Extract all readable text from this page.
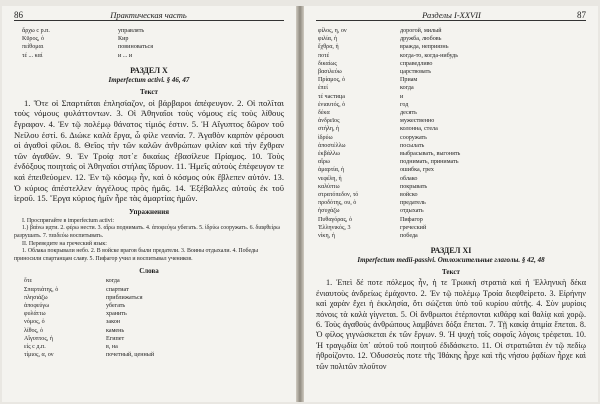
86	Практическая часть
ἄρχω с р.п.	управлять
Κῦρος, ὁ	Кир
πείθομαι	повиноваться
τέ ... καί	и ... и
РАЗДЕЛ X
Imperfectum activi. § 46, 47
Текст
1. Ὅτε οἱ Σπαρτιᾶται ἐπλησίαζον, οἱ βάρβαροι ἀπέφευγον. 2. Οἱ πολῖται τοὺς νόμους φυλάττοντων. 3. Οἱ Ἀθηναῖοι τοὺς νόμους εἰς τοὺς λίθους ἔγραφον. 4. Ἐν τῷ πολέμῳ θάνατος τίμιός ἐστιν. 5. Ἡ Αἴγυπτος δῶρον τοῦ Νείλου ἐστί. 6. Διώκε καλὰ ἔργα, ὦ φίλε νεανία. 7. Ἀγαθὸν καρπὸν φέρουσι οἱ ἀγαθοὶ φίλοι. 8. Θεῖος τὴν τῶν καλῶν ἀνθρώπων φιλίαν καὶ τὴν ἔχθραν τῶν ἀγαθῶν. 9. Ἐν Τροίᾳ ποτ᾽ε δικαίως ἐβασίλευε Πρίαμος. 10. Τοὺς ἐνδόξους ποιηταὶς οἱ Ἀθηναῖοι στήλας ἵδρυον. 11. Ἡμεῖς αὐτοὺς ἐπέφευγον τε καὶ ἐπειθεύομεν. 12. Ἐν τῷ κόσμῳ ἦν, καὶ ὁ κόσμος οὐκ ἔβλεπεν αὐτόν. 13. Ὁ κύριος ἀπέστελλεν ἀγγέλους πρὸς ἡμᾶς. 14. Ἐξέβαλλες αὐτοὺς ἐκ τοῦ ἱεροῦ. 15. Ἔργα κύριος ἡμῖν ἦρε τὰς ἁμαρτίας ἡμῶν.
Упражнения

I. Проспрягайте в imperfectum activi:

1.) βαίνω идти. 2. φέρω нести. 3. αἴρω поднимать. 4. ἀποφεύγω убегать. 5. ἱδρύω сооружать. 6. διαφθείρω разрушать. 7. παιδεύω воспитывать.

II. Переведите на греческий язык:

1. Облака покрывали небо. 2. В войске врагов были предатели. 3. Воины отдыхали. 4. Победы приносили спартанцам славу. 5. Пифагор учил и воспитывал учеников.

Слова
ὅτε	когда
Σπαρτιάτης, ὁ	спартиат
πλησιάζω	приближаться
ἀποφεύγω	убегать
φυλάττω	хранить
νόμος, ὁ	закон
λίθος, ὁ	камень
Αἴγυπτος, ἡ	Египет
εἰς с д.п.	в, на
τίμιος, α, ον	почетный, ценный
Разделы I-XXVII	87
φίλος, η, ον	дорогой, милый
φιλία, ἡ	дружба, любовь
ἔχθρα, ἡ	вражда, неприязнь
ποτέ	когда-то, когда-нибудь
δικαίως	справедливо
βασιλεύω	царствовать
Πρίαμος, ὁ	Приам
ἐπεί	когда
τέ частица	и
ἐνιαυτός, ὁ	год
δέκα	десять
ἀνδρεῖος	мужественно
στήλη, ἡ	колонна, стела
ἱδρύω	сооружать
ἀποστέλλω	посылать
ἐκβάλλω	выбрасывать, выгонять
αἴρω	поднимать, принимать
ἁμαρτία, ἡ	ошибка, грех
νεφέλη, ἡ	облако
καλύπτω	покрывать
στρατόπεδον, τό	войско
προδότης, ου, ὁ	предатель
ἡσυχάζω	отдыхать
Πυθαγόρας, ὁ	Пифагор
Ἑλληνικός, 3	греческий
νίκη, ἡ	победа
РАЗДЕЛ XI
Imperfectum medii-passivi. Отложительные глаголы. § 42, 48
Текст
1. Ἐπεὶ δέ ποτε πόλεμος ἦν, ἡ τε Τρωικὴ στρατιὰ καὶ ἡ Ἑλληνικὴ δέκα ἐνιαυτοὺς ἀνδρείως ἐμάχοντο. 2. Ἐν τῷ πολέμῳ Τροία διεφθείρετο. 3. Εἰρήνην καὶ χαρὰν ἔχει ἡ ἐκκλησία, ὅτι σώζεται ὑπὸ τοῦ κυρίου αὐτῆς. 4. Σὺν μυρίοις πόνοις τὰ καλὰ γίγνεται. 5. Οἱ ἄνθρωποι ἐτέρπονται κιθάρᾳ καὶ θαλίᾳ καὶ χορῷ. 6. Τοὺς ἀγαθοὺς ἀνθρώπους λαμβάνει δόξα ἔπεται. 7. Τῇ κακίᾳ ἀτιμία ἕπεται. 8. Ὁ φίλος γιγνώσκεται ἐκ τῶν ἔργων. 9. Ἡ ψυχὴ τοῖς σοφοῖς λόγοις τρέφεται. 10. Ἡ τραγῳδία ὑπ᾽ αὐτοῦ τοῦ ποιητοῦ ἐδιδάσκετο. 11. Οἱ στρατιῶται ἐν τῷ πεδίῳ ἠθροίζοντο. 12. Ὀδυσσεὺς ποτε τῆς Ἰθάκης ἦρχε καὶ τῆς νήσου ῥᾳδίων ἦρχε καὶ τῶν πολιτῶν πλοῦτον
